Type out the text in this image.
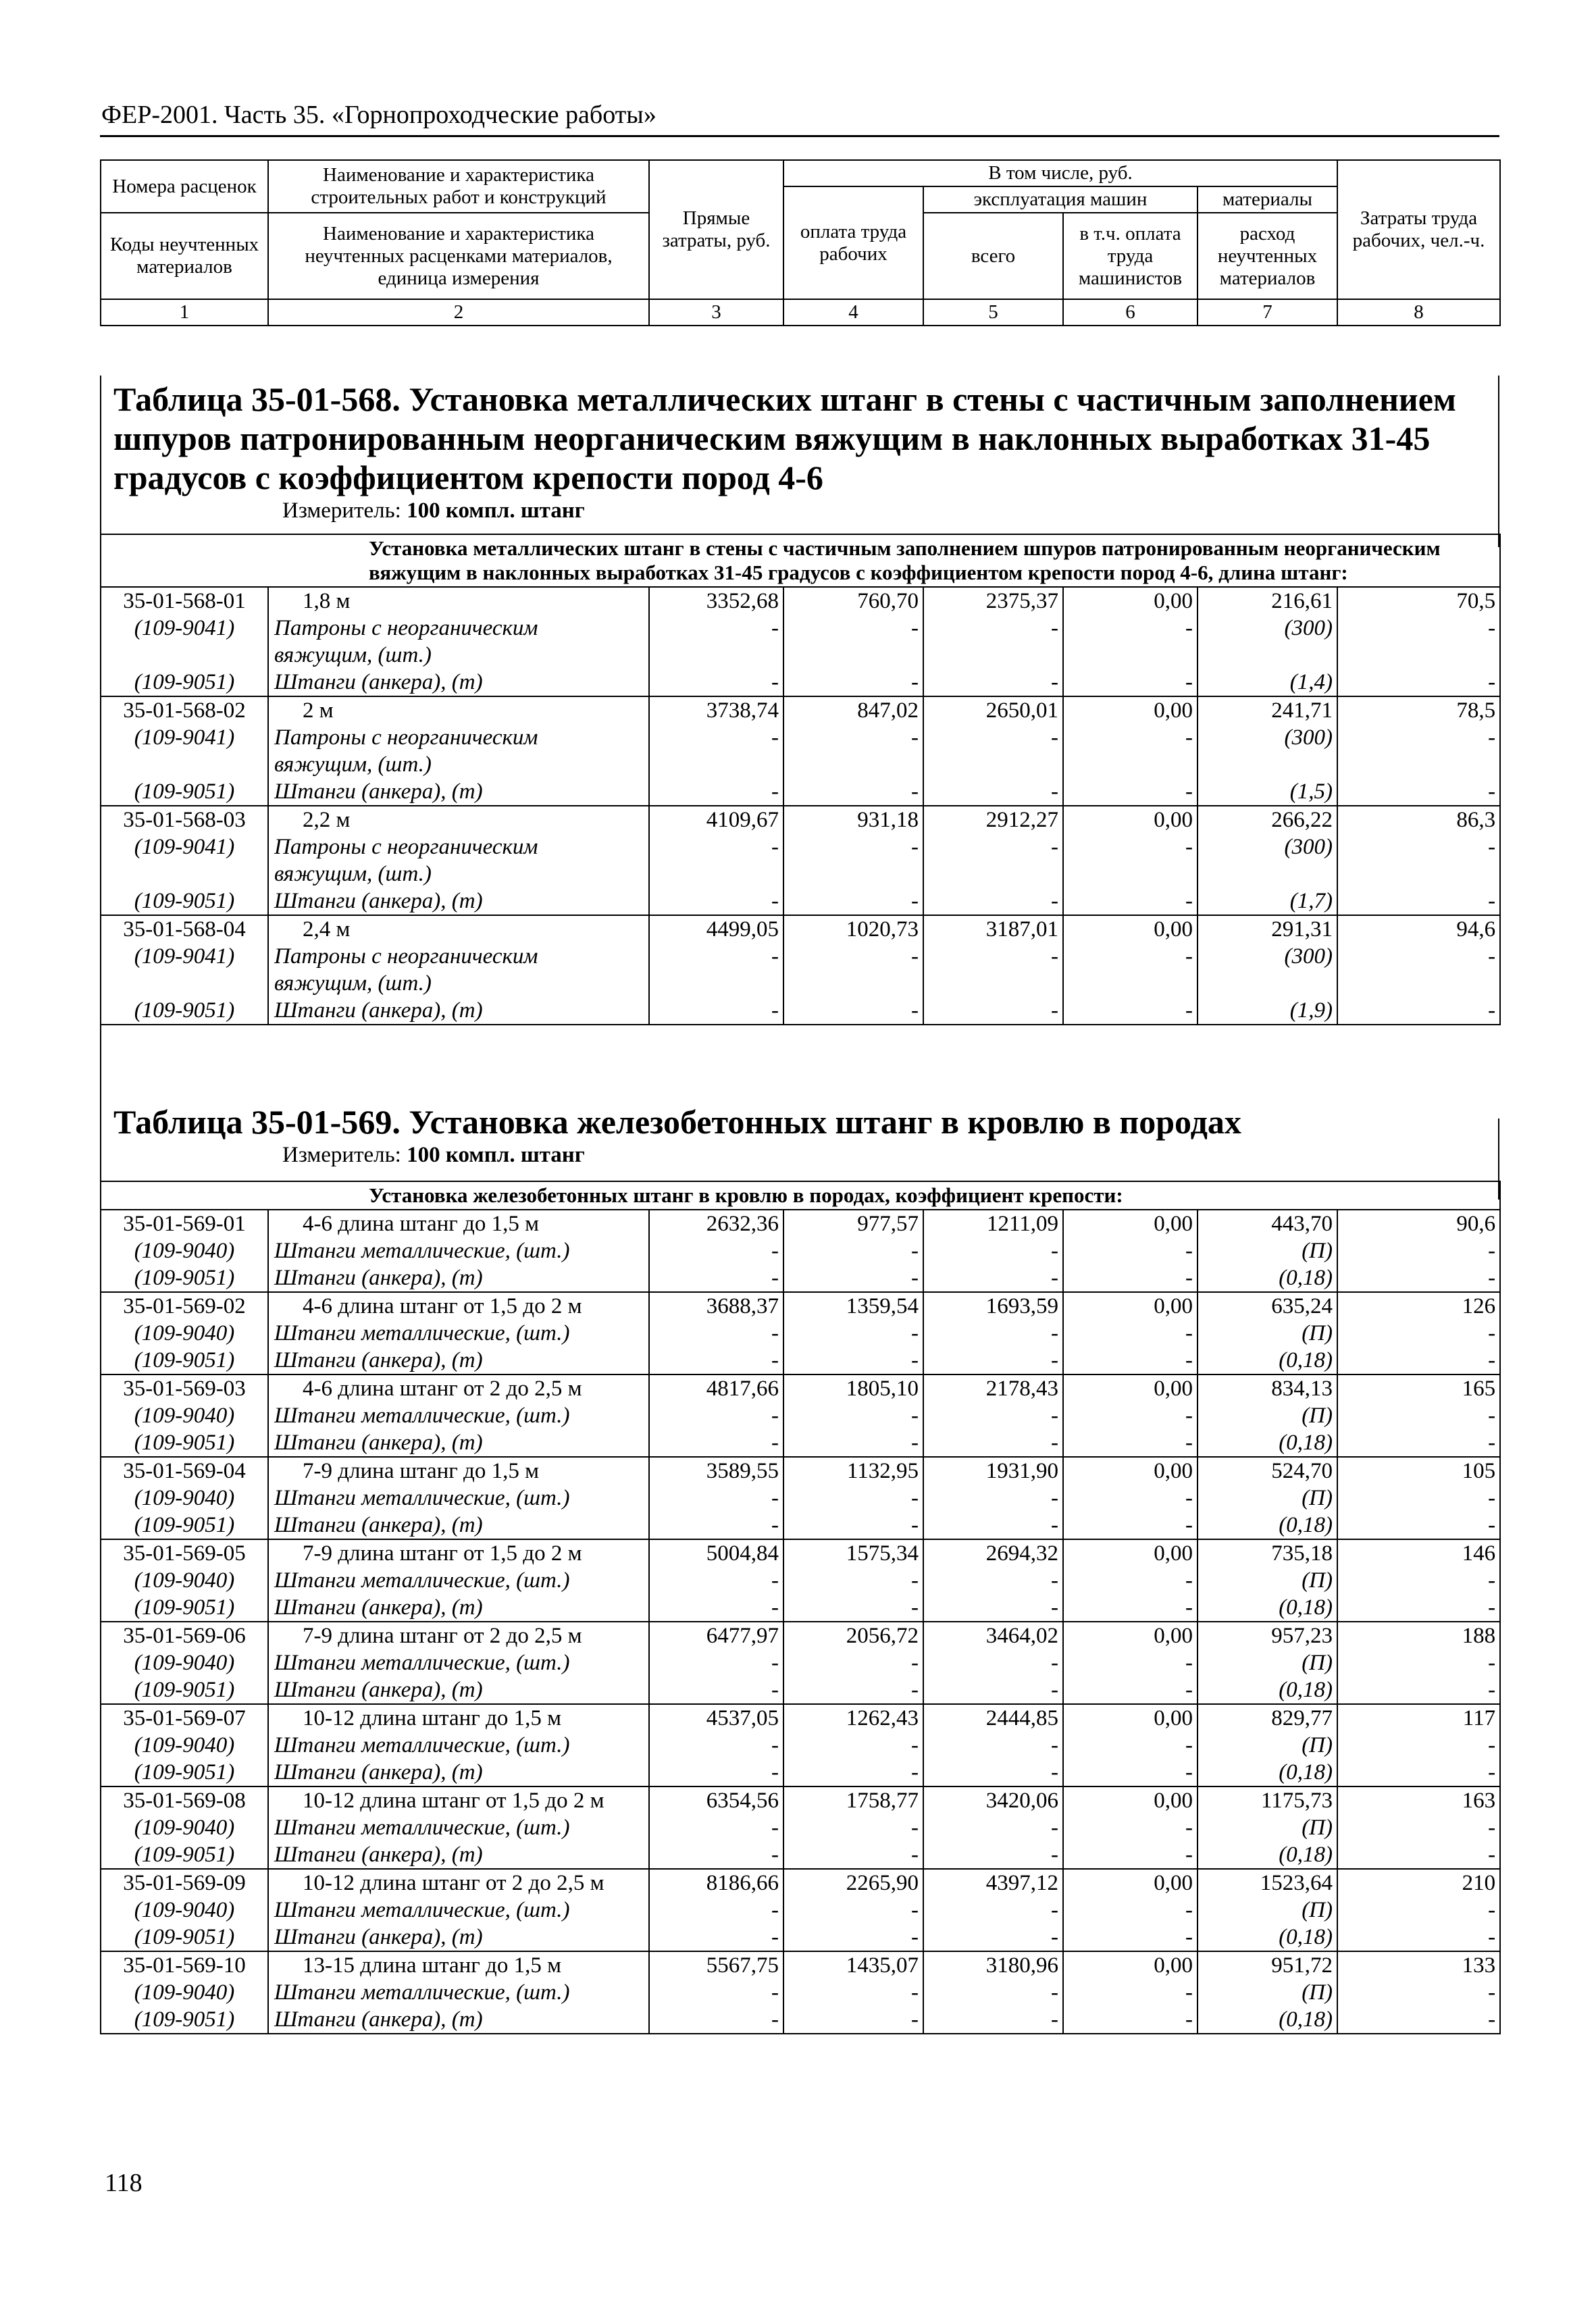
ФЕР-2001. Часть 35. «Горнопроходческие работы»
Номера расценок	Наименование и характеристика строительных работ и конструкций	Прямые затраты, руб.	В том числе, руб.				Затраты труда рабочих, чел.-ч.
			оплата труда рабочих	эксплуатация машин		материалы	
Коды неучтенных материалов	Наименование и характеристика неучтенных расценками материалов, единица измерения			всего	в т.ч. оплата труда машинистов	расход неучтенных материалов	
1	2	3	4	5	6	7	8
Таблица 35-01-568. Установка металлических штанг в стены с частичным заполнением шпуров патронированным неорганическим вяжущим в наклонных выработках 31-45 градусов с коэффициентом крепости пород 4-6
Измеритель: 100 компл. штанг
Установка металлических штанг в стены с частичным заполнением шпуров патронированным неорганическим вяжущим в наклонных выработках 31-45 градусов с коэффициентом крепости пород 4-6, длина штанг:							
35-01-568-01	1,8 м	3352,68	760,70	2375,37	0,00	216,61	70,5
(109-9041)	Патроны с неорганическим	-	-	-	-	(300)	-
	вяжущим, (шт.)						
(109-9051)	Штанги (анкера), (т)	-	-	-	-	(1,4)	-
35-01-568-02	2 м	3738,74	847,02	2650,01	0,00	241,71	78,5
(109-9041)	Патроны с неорганическим	-	-	-	-	(300)	-
	вяжущим, (шт.)						
(109-9051)	Штанги (анкера), (т)	-	-	-	-	(1,5)	-
35-01-568-03	2,2 м	4109,67	931,18	2912,27	0,00	266,22	86,3
(109-9041)	Патроны с неорганическим	-	-	-	-	(300)	-
	вяжущим, (шт.)						
(109-9051)	Штанги (анкера), (т)	-	-	-	-	(1,7)	-
35-01-568-04	2,4 м	4499,05	1020,73	3187,01	0,00	291,31	94,6
(109-9041)	Патроны с неорганическим	-	-	-	-	(300)	-
	вяжущим, (шт.)						
(109-9051)	Штанги (анкера), (т)	-	-	-	-	(1,9)	-
Таблица 35-01-569. Установка железобетонных штанг в кровлю в породах
Измеритель: 100 компл. штанг
Установка железобетонных штанг в кровлю в породах, коэффициент крепости:							
35-01-569-01	4-6 длина штанг до 1,5 м	2632,36	977,57	1211,09	0,00	443,70	90,6
(109-9040)	Штанги металлические, (шт.)	-	-	-	-	(П)	-
(109-9051)	Штанги (анкера), (т)	-	-	-	-	(0,18)	-
35-01-569-02	4-6 длина штанг от 1,5 до 2 м	3688,37	1359,54	1693,59	0,00	635,24	126
(109-9040)	Штанги металлические, (шт.)	-	-	-	-	(П)	-
(109-9051)	Штанги (анкера), (т)	-	-	-	-	(0,18)	-
35-01-569-03	4-6 длина штанг от 2 до 2,5 м	4817,66	1805,10	2178,43	0,00	834,13	165
(109-9040)	Штанги металлические, (шт.)	-	-	-	-	(П)	-
(109-9051)	Штанги (анкера), (т)	-	-	-	-	(0,18)	-
35-01-569-04	7-9 длина штанг до 1,5 м	3589,55	1132,95	1931,90	0,00	524,70	105
(109-9040)	Штанги металлические, (шт.)	-	-	-	-	(П)	-
(109-9051)	Штанги (анкера), (т)	-	-	-	-	(0,18)	-
35-01-569-05	7-9 длина штанг от 1,5 до 2 м	5004,84	1575,34	2694,32	0,00	735,18	146
(109-9040)	Штанги металлические, (шт.)	-	-	-	-	(П)	-
(109-9051)	Штанги (анкера), (т)	-	-	-	-	(0,18)	-
35-01-569-06	7-9 длина штанг от 2 до 2,5 м	6477,97	2056,72	3464,02	0,00	957,23	188
(109-9040)	Штанги металлические, (шт.)	-	-	-	-	(П)	-
(109-9051)	Штанги (анкера), (т)	-	-	-	-	(0,18)	-
35-01-569-07	10-12 длина штанг до 1,5 м	4537,05	1262,43	2444,85	0,00	829,77	117
(109-9040)	Штанги металлические, (шт.)	-	-	-	-	(П)	-
(109-9051)	Штанги (анкера), (т)	-	-	-	-	(0,18)	-
35-01-569-08	10-12 длина штанг от 1,5 до 2 м	6354,56	1758,77	3420,06	0,00	1175,73	163
(109-9040)	Штанги металлические, (шт.)	-	-	-	-	(П)	-
(109-9051)	Штанги (анкера), (т)	-	-	-	-	(0,18)	-
35-01-569-09	10-12 длина штанг от 2 до 2,5 м	8186,66	2265,90	4397,12	0,00	1523,64	210
(109-9040)	Штанги металлические, (шт.)	-	-	-	-	(П)	-
(109-9051)	Штанги (анкера), (т)	-	-	-	-	(0,18)	-
35-01-569-10	13-15 длина штанг до 1,5 м	5567,75	1435,07	3180,96	0,00	951,72	133
(109-9040)	Штанги металлические, (шт.)	-	-	-	-	(П)	-
(109-9051)	Штанги (анкера), (т)	-	-	-	-	(0,18)	-
118
